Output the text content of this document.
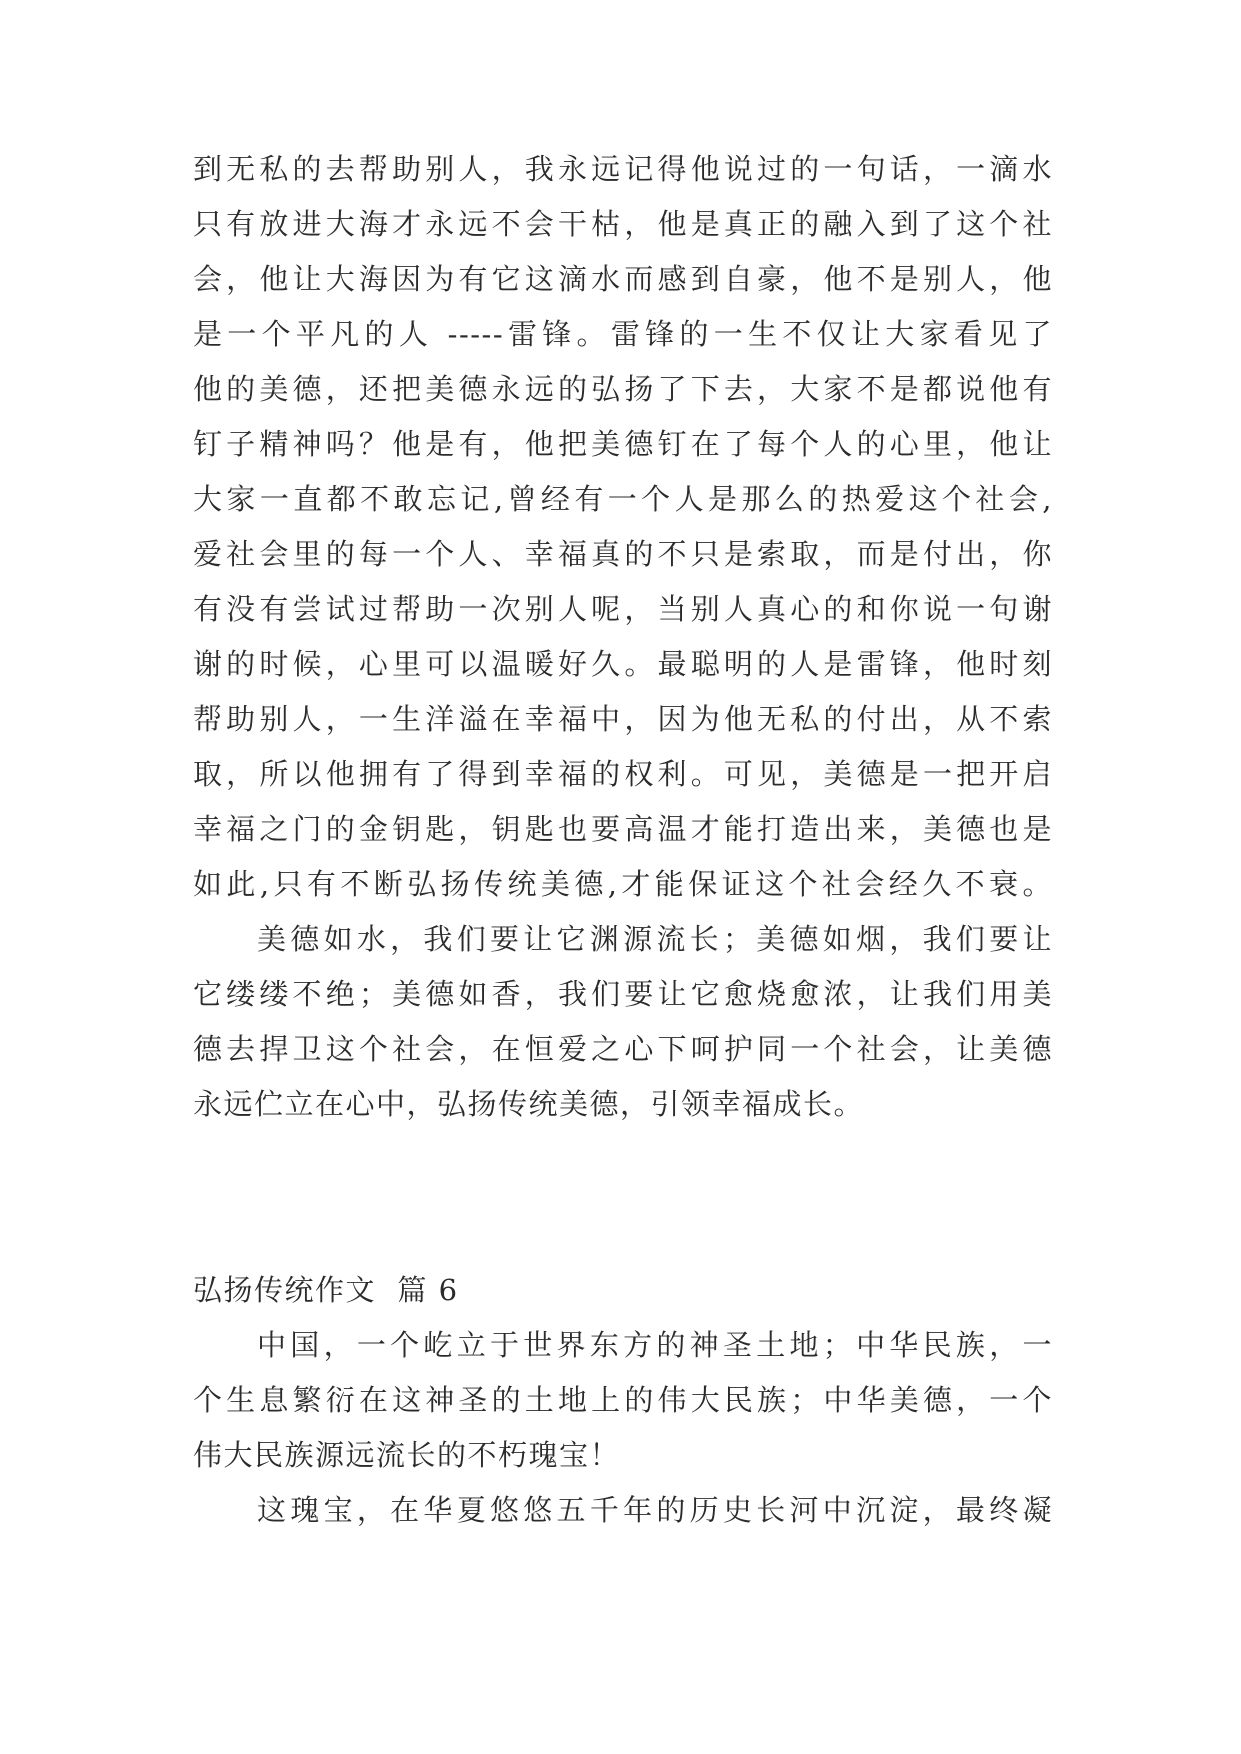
到无私的去帮助别人，我永远记得他说过的一句话，一滴水
只有放进大海才永远不会干枯，他是真正的融入到了这个社
会，他让大海因为有它这滴水而感到自豪，他不是别人，他
是一个平凡的人 -----雷锋。雷锋的一生不仅让大家看见了
他的美德，还把美德永远的弘扬了下去，大家不是都说他有
钉子精神吗？他是有，他把美德钉在了每个人的心里，他让
大家一直都不敢忘记,曾经有一个人是那么的热爱这个社会,
爱社会里的每一个人、幸福真的不只是索取，而是付出，你
有没有尝试过帮助一次别人呢，当别人真心的和你说一句谢
谢的时候，心里可以温暖好久。最聪明的人是雷锋，他时刻
帮助别人，一生洋溢在幸福中，因为他无私的付出，从不索
取，所以他拥有了得到幸福的权利。可见，美德是一把开启
幸福之门的金钥匙，钥匙也要高温才能打造出来，美德也是
如此,只有不断弘扬传统美德,才能保证这个社会经久不衰。
美德如水，我们要让它渊源流长；美德如烟，我们要让
它缕缕不绝；美德如香，我们要让它愈烧愈浓，让我们用美
德去捍卫这个社会，在恒爱之心下呵护同一个社会，让美德
永远伫立在心中，弘扬传统美德，引领幸福成长。
弘扬传统作文  篇 6
中国，一个屹立于世界东方的神圣土地；中华民族，一
个生息繁衍在这神圣的土地上的伟大民族；中华美德，一个
伟大民族源远流长的不朽瑰宝！
这瑰宝，在华夏悠悠五千年的历史长河中沉淀，最终凝
